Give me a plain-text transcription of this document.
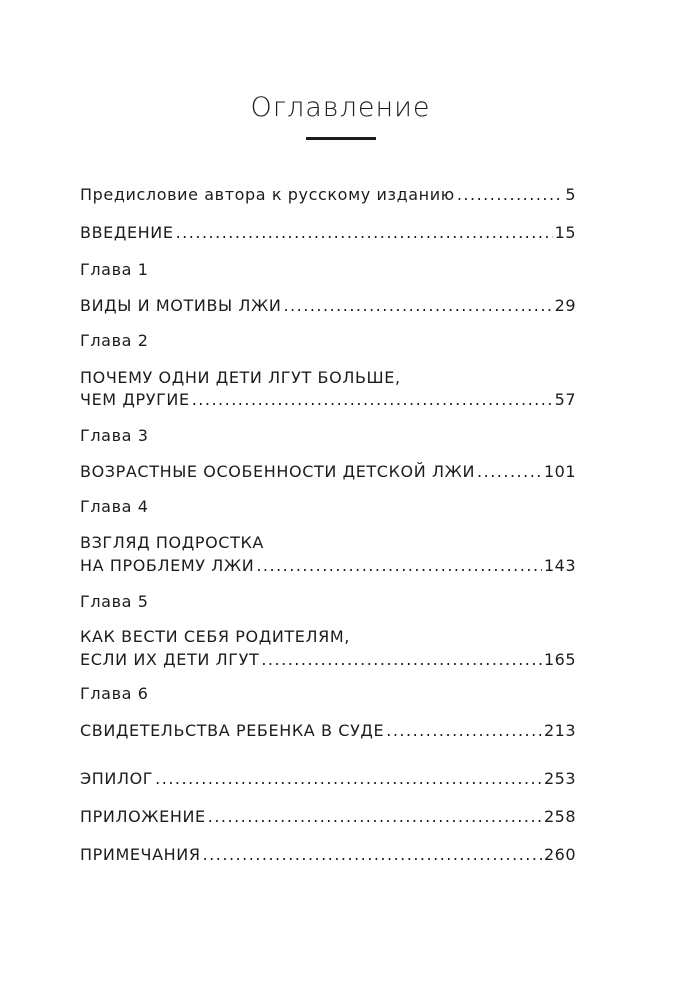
Оглавление
Предисловие автора к русскому изданию .....	5
ВВЕДЕНИЕ .....	15
Глава 1
ВИДЫ И МОТИВЫ ЛЖИ .....	29
Глава 2
ПОЧЕМУ ОДНИ ДЕТИ ЛГУТ БОЛЬШЕ,
ЧЕМ ДРУГИЕ .....	57
Глава 3
ВОЗРАСТНЫЕ ОСОБЕННОСТИ ДЕТСКОЙ ЛЖИ .....	101
Глава 4
ВЗГЛЯД ПОДРОСТКА
НА ПРОБЛЕМУ ЛЖИ .....	143
Глава 5
КАК ВЕСТИ СЕБЯ РОДИТЕЛЯМ,
ЕСЛИ ИХ ДЕТИ ЛГУТ .....	165
Глава 6
СВИДЕТЕЛЬСТВА РЕБЕНКА В СУДЕ .....	213
ЭПИЛОГ .....	253
ПРИЛОЖЕНИЕ .....	258
ПРИМЕЧАНИЯ .....	260
